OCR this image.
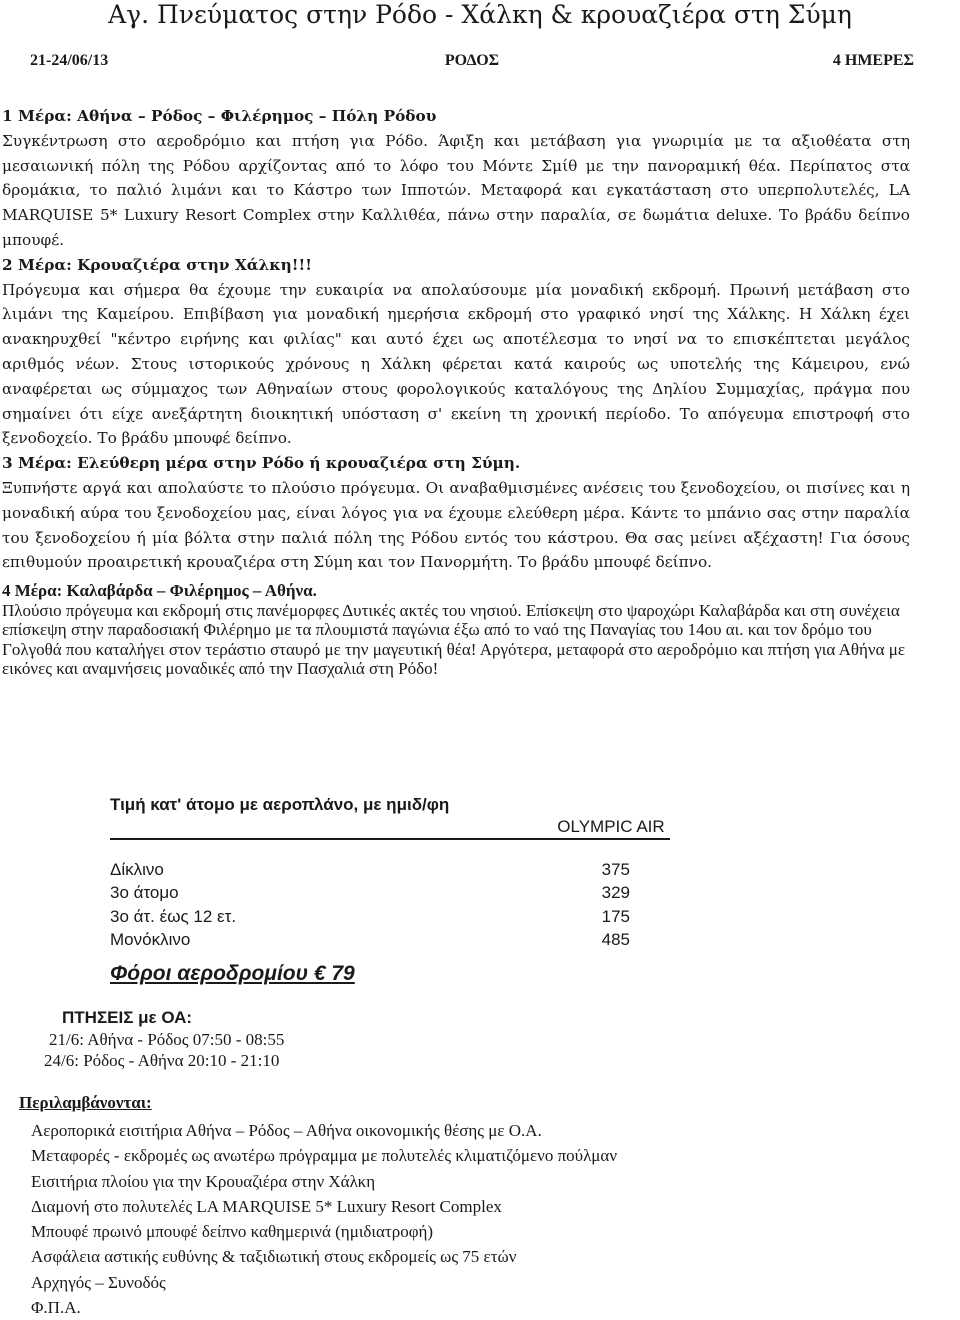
Αγ. Πνεύματος στην Ρόδο - Χάλκη & κρουαζιέρα στη Σύμη
21-24/06/13	ΡΟΔΟΣ	4 ΗΜΕΡΕΣ

1 Μέρα: Αθήνα – Ρόδος – Φιλέρημος – Πόλη Ρόδου

Συγκέντρωση στο αεροδρόμιο και πτήση για Ρόδο. Άφιξη και μετάβαση για γνωριμία με τα αξιοθέατα στη μεσαιωνική πόλη της Ρόδου αρχίζοντας από το λόφο του Μόντε Σμίθ με την πανοραμική θέα. Περίπατος στα δρομάκια, το παλιό λιμάνι και το Κάστρο των Ιπποτών. Μεταφορά και εγκατάσταση στο υπερπολυτελές, LA MARQUISE 5* Luxury Resort Complex στην Καλλιθέα, πάνω στην παραλία, σε δωμάτια deluxe. Το βράδυ δείπνο μπουφέ.

2 Μέρα: Κρουαζιέρα στην Χάλκη!!!

Πρόγευμα και σήμερα θα έχουμε την ευκαιρία να απολαύσουμε μία μοναδική εκδρομή. Πρωινή μετάβαση στο λιμάνι της Καμείρου. Επιβίβαση για μοναδική ημερήσια εκδρομή στο γραφικό νησί της Χάλκης. Η Χάλκη έχει ανακηρυχθεί "κέντρο ειρήνης και φιλίας" και αυτό έχει ως αποτέλεσμα το νησί να το επισκέπτεται μεγάλος αριθμός νέων. Στους ιστορικούς χρόνους η Χάλκη φέρεται κατά καιρούς ως υποτελής της Κάμειρου, ενώ αναφέρεται ως σύμμαχος των Αθηναίων στους φορολογικούς καταλόγους της Δηλίου Συμμαχίας, πράγμα που σημαίνει ότι είχε ανεξάρτητη διοικητική υπόσταση σ' εκείνη τη χρονική περίοδο. Το απόγευμα επιστροφή στο ξενοδοχείο. Το βράδυ μπουφέ δείπνο.

3 Μέρα: Ελεύθερη μέρα στην Ρόδο ή κρουαζιέρα στη Σύμη.

Ξυπνήστε αργά και απολαύστε το πλούσιο πρόγευμα. Οι αναβαθμισμένες ανέσεις του ξενοδοχείου, οι πισίνες και η μοναδική αύρα του ξενοδοχείου μας, είναι λόγος για να έχουμε ελεύθερη μέρα. Κάντε το μπάνιο σας στην παραλία του ξενοδοχείου ή μία βόλτα στην παλιά πόλη της Ρόδου εντός του κάστρου. Θα σας μείνει αξέχαστη! Για όσους επιθυμούν προαιρετική κρουαζιέρα στη Σύμη και τον Πανορμήτη. Το βράδυ μπουφέ δείπνο.

4 Μέρα: Καλαβάρδα – Φιλέρημος – Αθήνα.

Πλούσιο πρόγευμα και εκδρομή στις πανέμορφες Δυτικές ακτές του νησιού. Επίσκεψη στο ψαροχώρι Καλαβάρδα και στη συνέχεια επίσκεψη στην παραδοσιακή Φιλέρημο με τα πλουμιστά παγώνια έξω από το ναό της Παναγίας του 14ου αι. και τον δρόμο του Γολγοθά που καταλήγει στον τεράστιο σταυρό με την μαγευτική θέα! Αργότερα, μεταφορά στο αεροδρόμιο και πτήση για Αθήνα με εικόνες και αναμνήσεις μοναδικές από την Πασχαλιά στη Ρόδο!

Τιμή κατ' άτομο με αεροπλάνο, με ημιδ/φη
OLYMPIC AIR
Δίκλινο	375
3ο άτομο	329
3ο άτ. έως 12 ετ.	175
Μονόκλινο	485
Φόροι αεροδρομίου € 79
ΠΤΗΣΕΙΣ με ΟΑ:
21/6: Αθήνα - Ρόδος 07:50 - 08:55
24/6: Ρόδος - Αθήνα 20:10 - 21:10
Περιλαμβάνονται:
Αεροπορικά εισιτήρια Αθήνα – Ρόδος – Αθήνα οικονομικής θέσης με Ο.Α.
Μεταφορές - εκδρομές ως ανωτέρω πρόγραμμα με πολυτελές κλιματιζόμενο πούλμαν
Εισιτήρια πλοίου για την Κρουαζιέρα στην Χάλκη
Διαμονή στο πολυτελές LA MARQUISE 5* Luxury Resort Complex
Μπουφέ πρωινό μπουφέ δείπνο καθημερινά (ημιδιατροφή)
Ασφάλεια αστικής ευθύνης & ταξιδιωτική στους εκδρομείς ως 75 ετών
Αρχηγός – Συνοδός
Φ.Π.Α.
